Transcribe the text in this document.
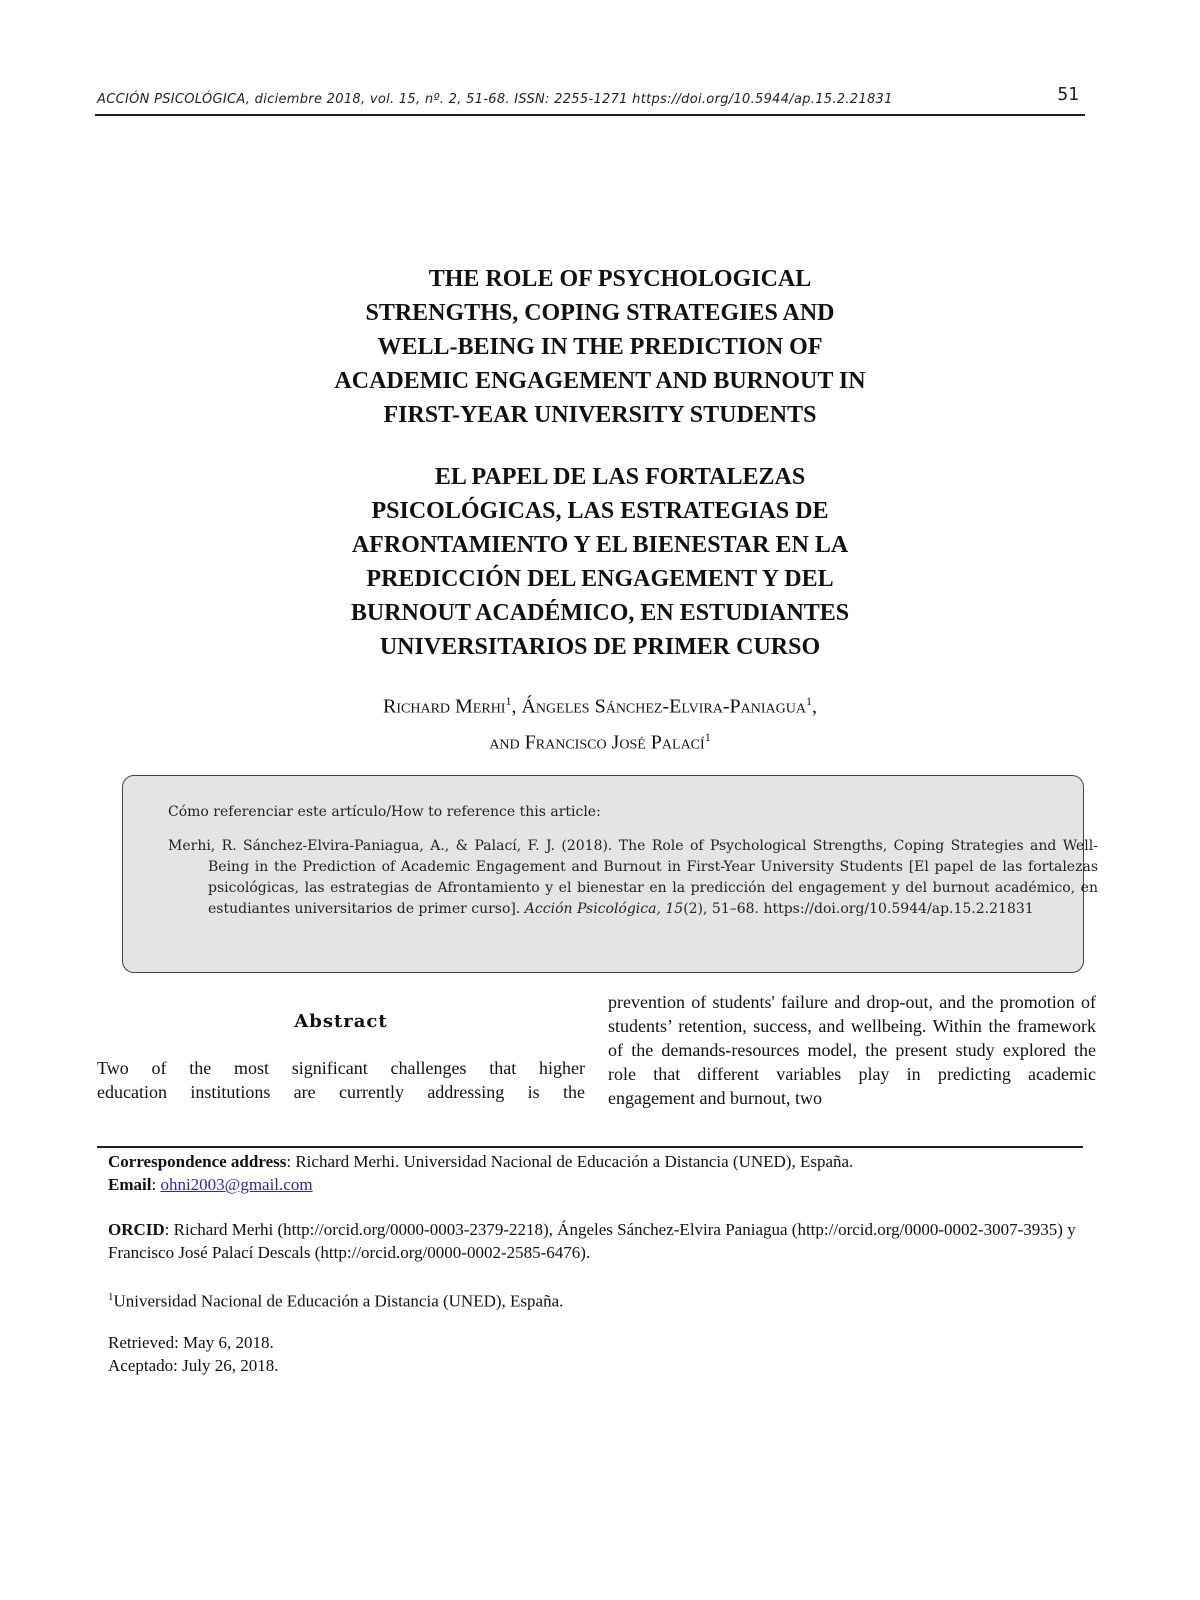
ACCIÓN PSICOLÓGICA, diciembre 2018, vol. 15, nº. 2, 51-68. ISSN: 2255-1271 https://doi.org/10.5944/ap.15.2.21831	51
THE ROLE OF PSYCHOLOGICAL
STRENGTHS, COPING STRATEGIES AND
WELL-BEING IN THE PREDICTION OF
ACADEMIC ENGAGEMENT AND BURNOUT IN
FIRST-YEAR UNIVERSITY STUDENTS
EL PAPEL DE LAS FORTALEZAS
PSICOLÓGICAS, LAS ESTRATEGIAS DE
AFRONTAMIENTO Y EL BIENESTAR EN LA
PREDICCIÓN DEL ENGAGEMENT Y DEL
BURNOUT ACADÉMICO, EN ESTUDIANTES
UNIVERSITARIOS DE PRIMER CURSO
Richard Merhi$^1$, Ángeles Sánchez-Elvira-Paniagua$^1$,
and Francisco José Palací$^1$
Cómo referenciar este artículo/How to reference this article:
Merhi, R. Sánchez-Elvira-Paniagua, A., & Palací, F. J. (2018). The Role of Psychological Strengths, Coping Strategies and Well-Being in the Prediction of Academic Engagement and Burnout in First-Year University Students [El papel de las fortalezas psicológicas, las estrategias de Afrontamiento y el bienestar en la predicción del engagement y del burnout académico, en estudiantes universitarios de primer curso]. Acción Psicológica, 15(2), 51–68. https://doi.org/10.5944/ap.15.2.21831
Abstract
Two of the most significant challenges that higher
education institutions are currently addressing is the
prevention of students' failure and drop-out, and the promotion of students’ retention, success, and wellbeing. Within the framework of the demands-resources model, the present study explored the role that different variables play in predicting academic engagement and burnout, two

Correspondence address: Richard Merhi. Universidad Nacional de Educación a Distancia (UNED), España.

Email: ohni2003@gmail.com

ORCID: Richard Merhi (http://orcid.org/0000-0003-2379-2218), Ángeles Sánchez-Elvira Paniagua (http://orcid.org/0000-0002-3007-3935) y Francisco José Palací Descals (http://orcid.org/0000-0002-2585-6476).

$^1$Universidad Nacional de Educación a Distancia (UNED), España.

Retrieved: May 6, 2018.

Aceptado: July 26, 2018.
